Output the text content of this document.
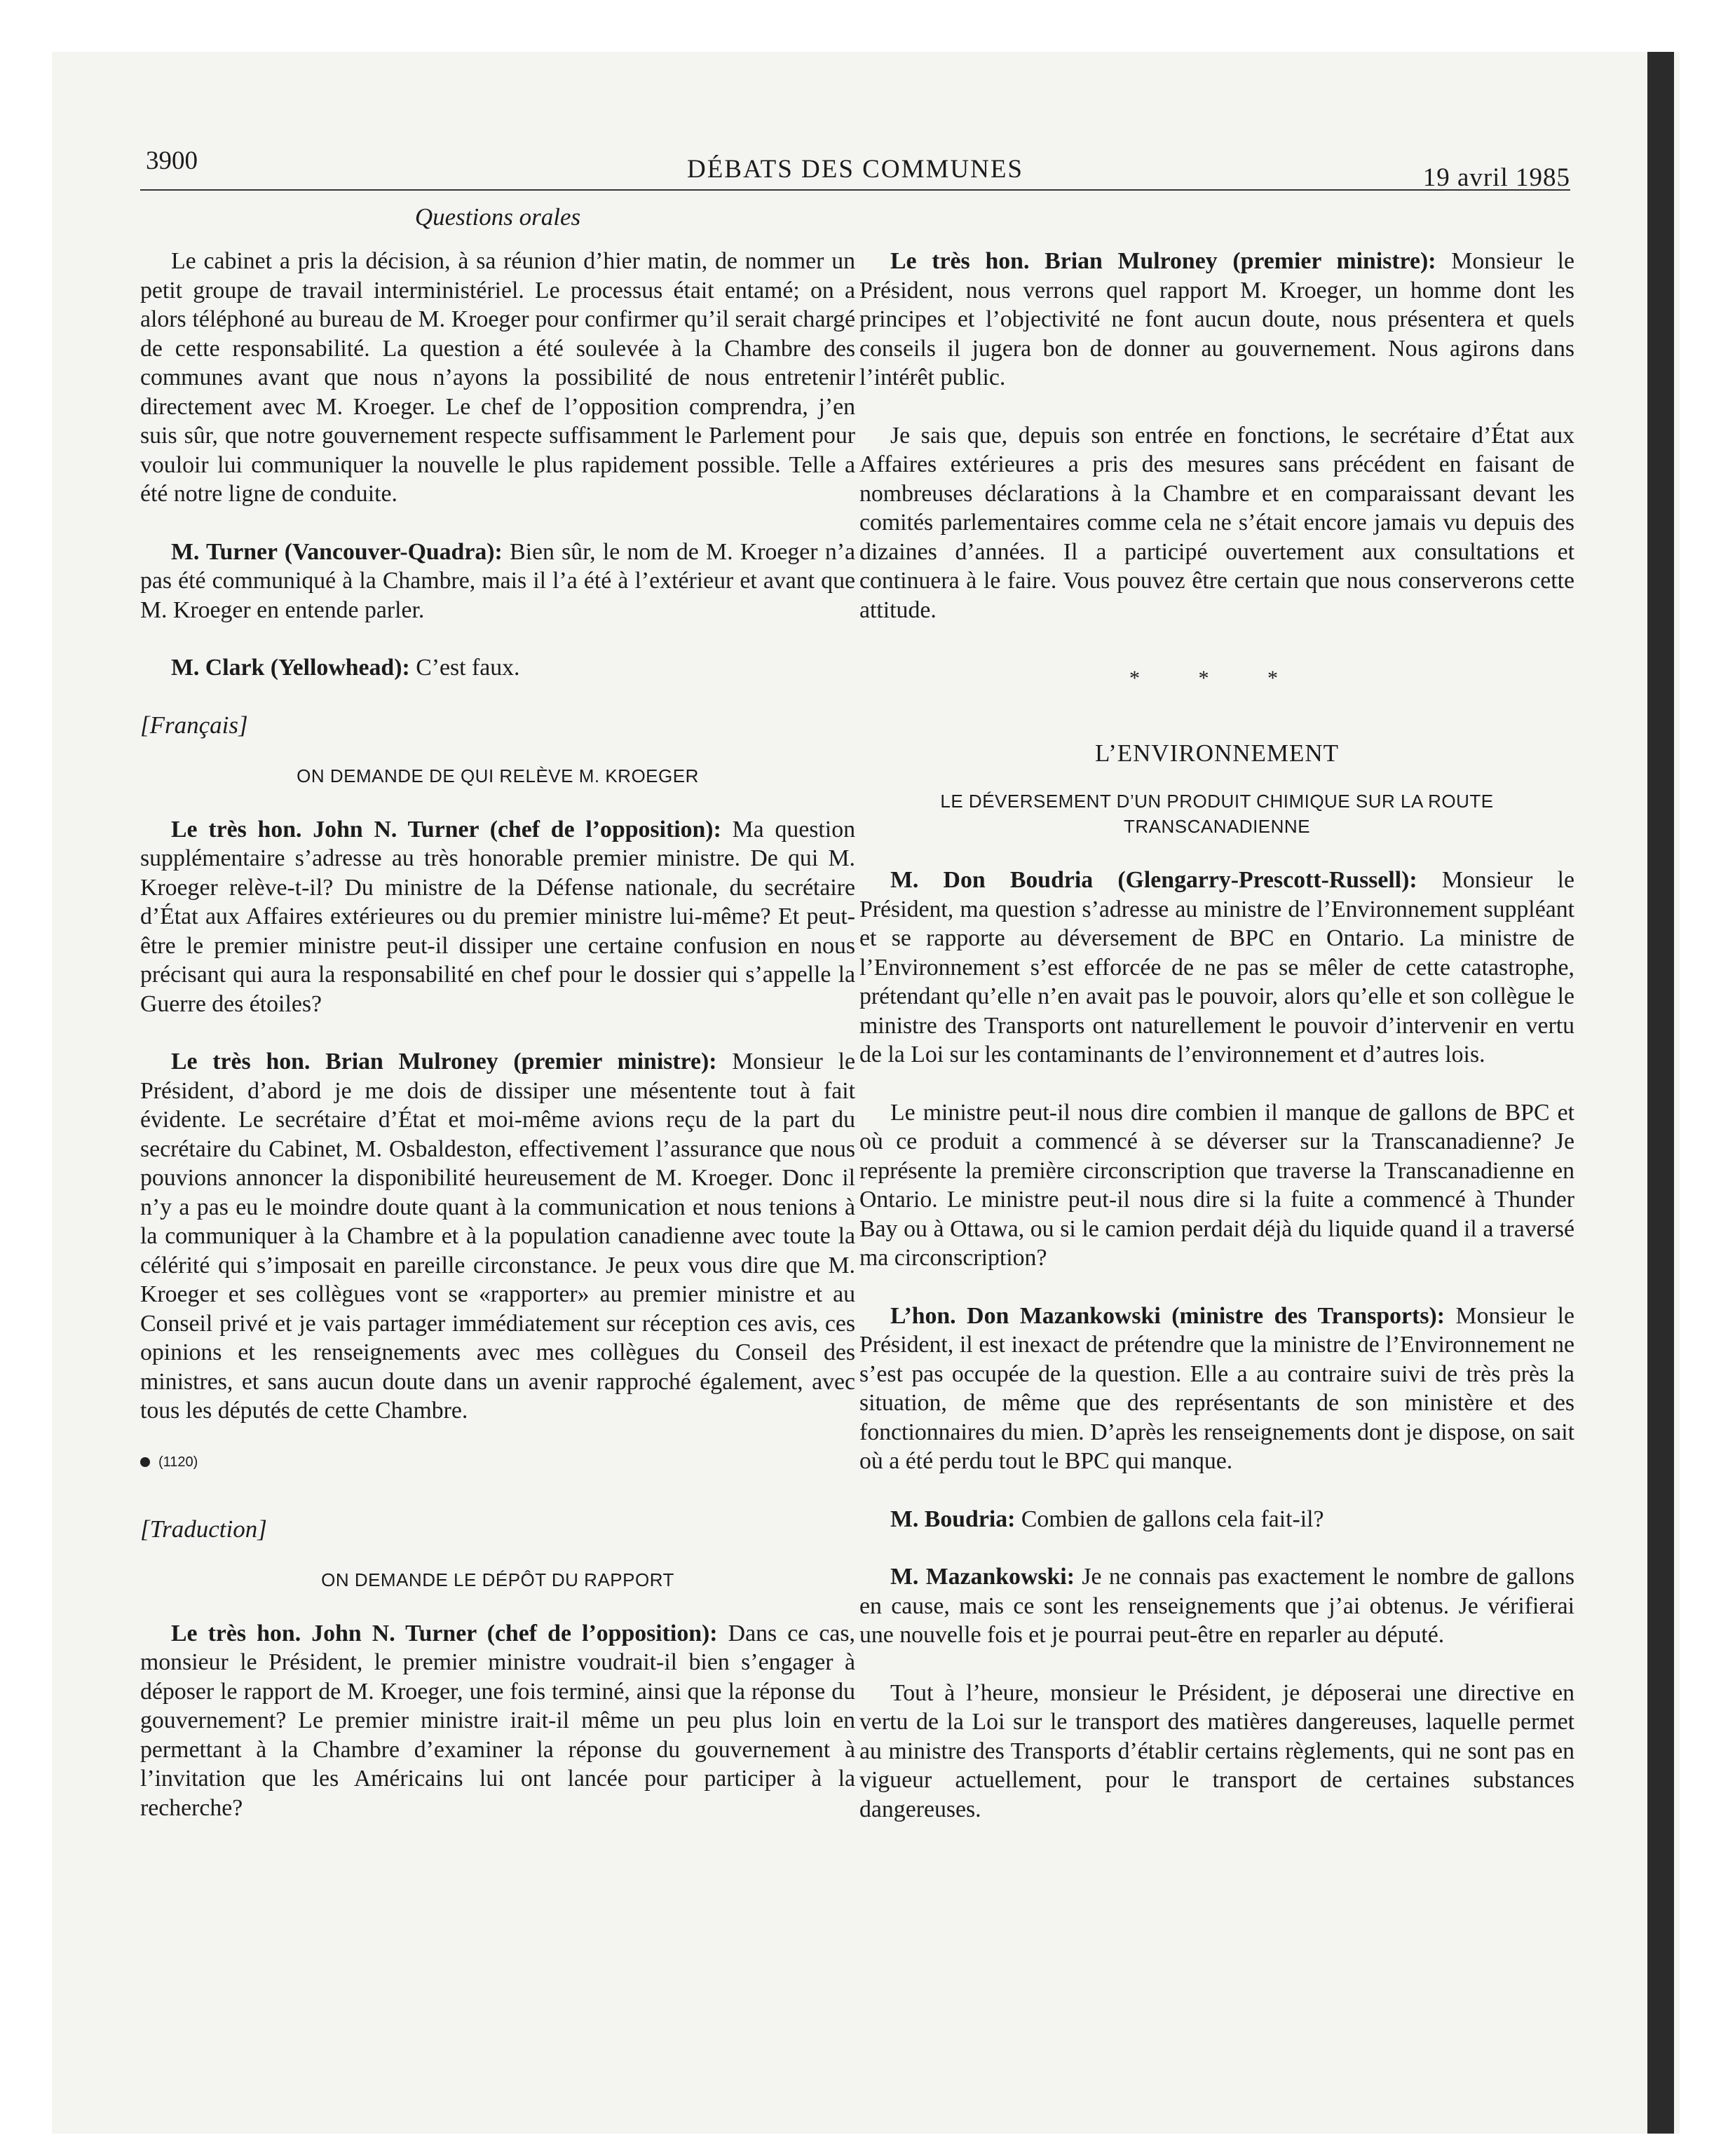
3900	DÉBATS DES COMMUNES	19 avril 1985
Questions orales

Le cabinet a pris la décision, à sa réunion d’hier matin, de nommer un petit groupe de travail interministériel. Le processus était entamé; on a alors téléphoné au bureau de M. Kroeger pour confirmer qu’il serait chargé de cette responsabilité. La question a été soulevée à la Chambre des communes avant que nous n’ayons la possibilité de nous entretenir directement avec M. Kroeger. Le chef de l’opposition comprendra, j’en suis sûr, que notre gouvernement respecte suffisamment le Parlement pour vouloir lui communiquer la nouvelle le plus rapidement possible. Telle a été notre ligne de conduite.

M. Turner (Vancouver-Quadra): Bien sûr, le nom de M. Kroeger n’a pas été communiqué à la Chambre, mais il l’a été à l’extérieur et avant que M. Kroeger en entende parler.

M. Clark (Yellowhead): C’est faux.

[Français]
ON DEMANDE DE QUI RELÈVE M. KROEGER

Le très hon. John N. Turner (chef de l’opposition): Ma question supplémentaire s’adresse au très honorable premier ministre. De qui M. Kroeger relève-t-il? Du ministre de la Défense nationale, du secrétaire d’État aux Affaires extérieures ou du premier ministre lui-même? Et peut-être le premier ministre peut-il dissiper une certaine confusion en nous précisant qui aura la responsabilité en chef pour le dossier qui s’appelle la Guerre des étoiles?

Le très hon. Brian Mulroney (premier ministre): Monsieur le Président, d’abord je me dois de dissiper une mésentente tout à fait évidente. Le secrétaire d’État et moi-même avions reçu de la part du secrétaire du Cabinet, M. Osbaldeston, effectivement l’assurance que nous pouvions annoncer la disponibilité heureusement de M. Kroeger. Donc il n’y a pas eu le moindre doute quant à la communication et nous tenions à la communiquer à la Chambre et à la population canadienne avec toute la célérité qui s’imposait en pareille circonstance. Je peux vous dire que M. Kroeger et ses collègues vont se «rapporter» au premier ministre et au Conseil privé et je vais partager immédiatement sur réception ces avis, ces opinions et les renseignements avec mes collègues du Conseil des ministres, et sans aucun doute dans un avenir rapproché également, avec tous les députés de cette Chambre.

(1120)
[Traduction]
ON DEMANDE LE DÉPÔT DU RAPPORT

Le très hon. John N. Turner (chef de l’opposition): Dans ce cas, monsieur le Président, le premier ministre voudrait-il bien s’engager à déposer le rapport de M. Kroeger, une fois terminé, ainsi que la réponse du gouvernement? Le premier ministre irait-il même un peu plus loin en permettant à la Chambre d’examiner la réponse du gouvernement à l’invitation que les Américains lui ont lancée pour participer à la recherche?

Le très hon. Brian Mulroney (premier ministre): Monsieur le Président, nous verrons quel rapport M. Kroeger, un homme dont les principes et l’objectivité ne font aucun doute, nous présentera et quels conseils il jugera bon de donner au gouvernement. Nous agirons dans l’intérêt public.

Je sais que, depuis son entrée en fonctions, le secrétaire d’État aux Affaires extérieures a pris des mesures sans précédent en faisant de nombreuses déclarations à la Chambre et en comparaissant devant les comités parlementaires comme cela ne s’était encore jamais vu depuis des dizaines d’années. Il a participé ouvertement aux consultations et continuera à le faire. Vous pouvez être certain que nous conserverons cette attitude.

* * *
L’ENVIRONNEMENT
LE DÉVERSEMENT D’UN PRODUIT CHIMIQUE SUR LA ROUTE TRANSCANADIENNE

M. Don Boudria (Glengarry-Prescott-Russell): Monsieur le Président, ma question s’adresse au ministre de l’Environnement suppléant et se rapporte au déversement de BPC en Ontario. La ministre de l’Environnement s’est efforcée de ne pas se mêler de cette catastrophe, prétendant qu’elle n’en avait pas le pouvoir, alors qu’elle et son collègue le ministre des Transports ont naturellement le pouvoir d’intervenir en vertu de la Loi sur les contaminants de l’environnement et d’autres lois.

Le ministre peut-il nous dire combien il manque de gallons de BPC et où ce produit a commencé à se déverser sur la Transcanadienne? Je représente la première circonscription que traverse la Transcanadienne en Ontario. Le ministre peut-il nous dire si la fuite a commencé à Thunder Bay ou à Ottawa, ou si le camion perdait déjà du liquide quand il a traversé ma circonscription?

L’hon. Don Mazankowski (ministre des Transports): Monsieur le Président, il est inexact de prétendre que la ministre de l’Environnement ne s’est pas occupée de la question. Elle a au contraire suivi de très près la situation, de même que des représentants de son ministère et des fonctionnaires du mien. D’après les renseignements dont je dispose, on sait où a été perdu tout le BPC qui manque.

M. Boudria: Combien de gallons cela fait-il?

M. Mazankowski: Je ne connais pas exactement le nombre de gallons en cause, mais ce sont les renseignements que j’ai obtenus. Je vérifierai une nouvelle fois et je pourrai peut-être en reparler au député.

Tout à l’heure, monsieur le Président, je déposerai une directive en vertu de la Loi sur le transport des matières dangereuses, laquelle permet au ministre des Transports d’établir certains règlements, qui ne sont pas en vigueur actuellement, pour le transport de certaines substances dangereuses.
